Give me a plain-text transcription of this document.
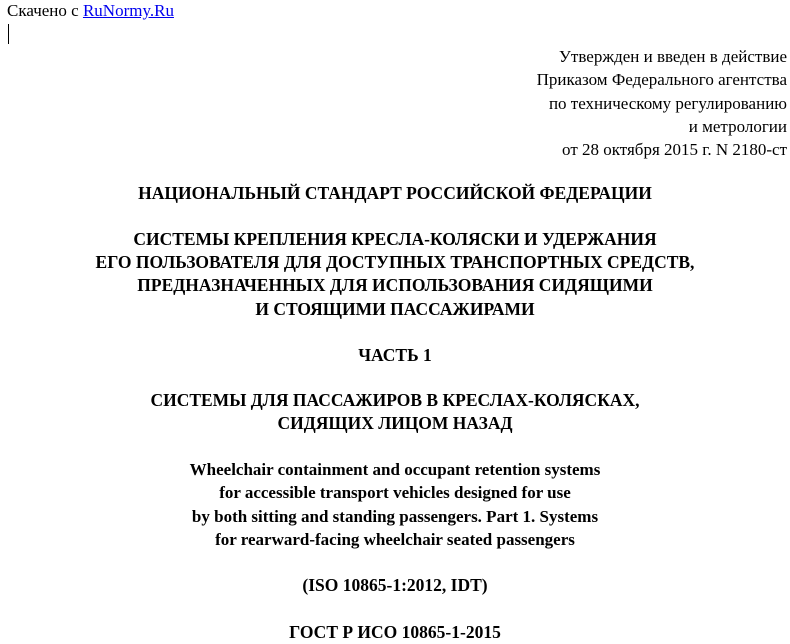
Скачено с RuNormy.Ru
Утвержден и введен в действие
Приказом Федерального агентства
по техническому регулированию
и метрологии
от 28 октября 2015 г. N 2180-ст
НАЦИОНАЛЬНЫЙ СТАНДАРТ РОССИЙСКОЙ ФЕДЕРАЦИИ
СИСТЕМЫ КРЕПЛЕНИЯ КРЕСЛА-КОЛЯСКИ И УДЕРЖАНИЯ
ЕГО ПОЛЬЗОВАТЕЛЯ ДЛЯ ДОСТУПНЫХ ТРАНСПОРТНЫХ СРЕДСТВ,
ПРЕДНАЗНАЧЕННЫХ ДЛЯ ИСПОЛЬЗОВАНИЯ СИДЯЩИМИ
И СТОЯЩИМИ ПАССАЖИРАМИ
ЧАСТЬ 1
СИСТЕМЫ ДЛЯ ПАССАЖИРОВ В КРЕСЛАХ-КОЛЯСКАХ,
СИДЯЩИХ ЛИЦОМ НАЗАД
Wheelchair containment and occupant retention systems
for accessible transport vehicles designed for use
by both sitting and standing passengers. Part 1. Systems
for rearward-facing wheelchair seated passengers
(ISO 10865-1:2012, IDT)
ГОСТ Р ИСО 10865-1-2015
